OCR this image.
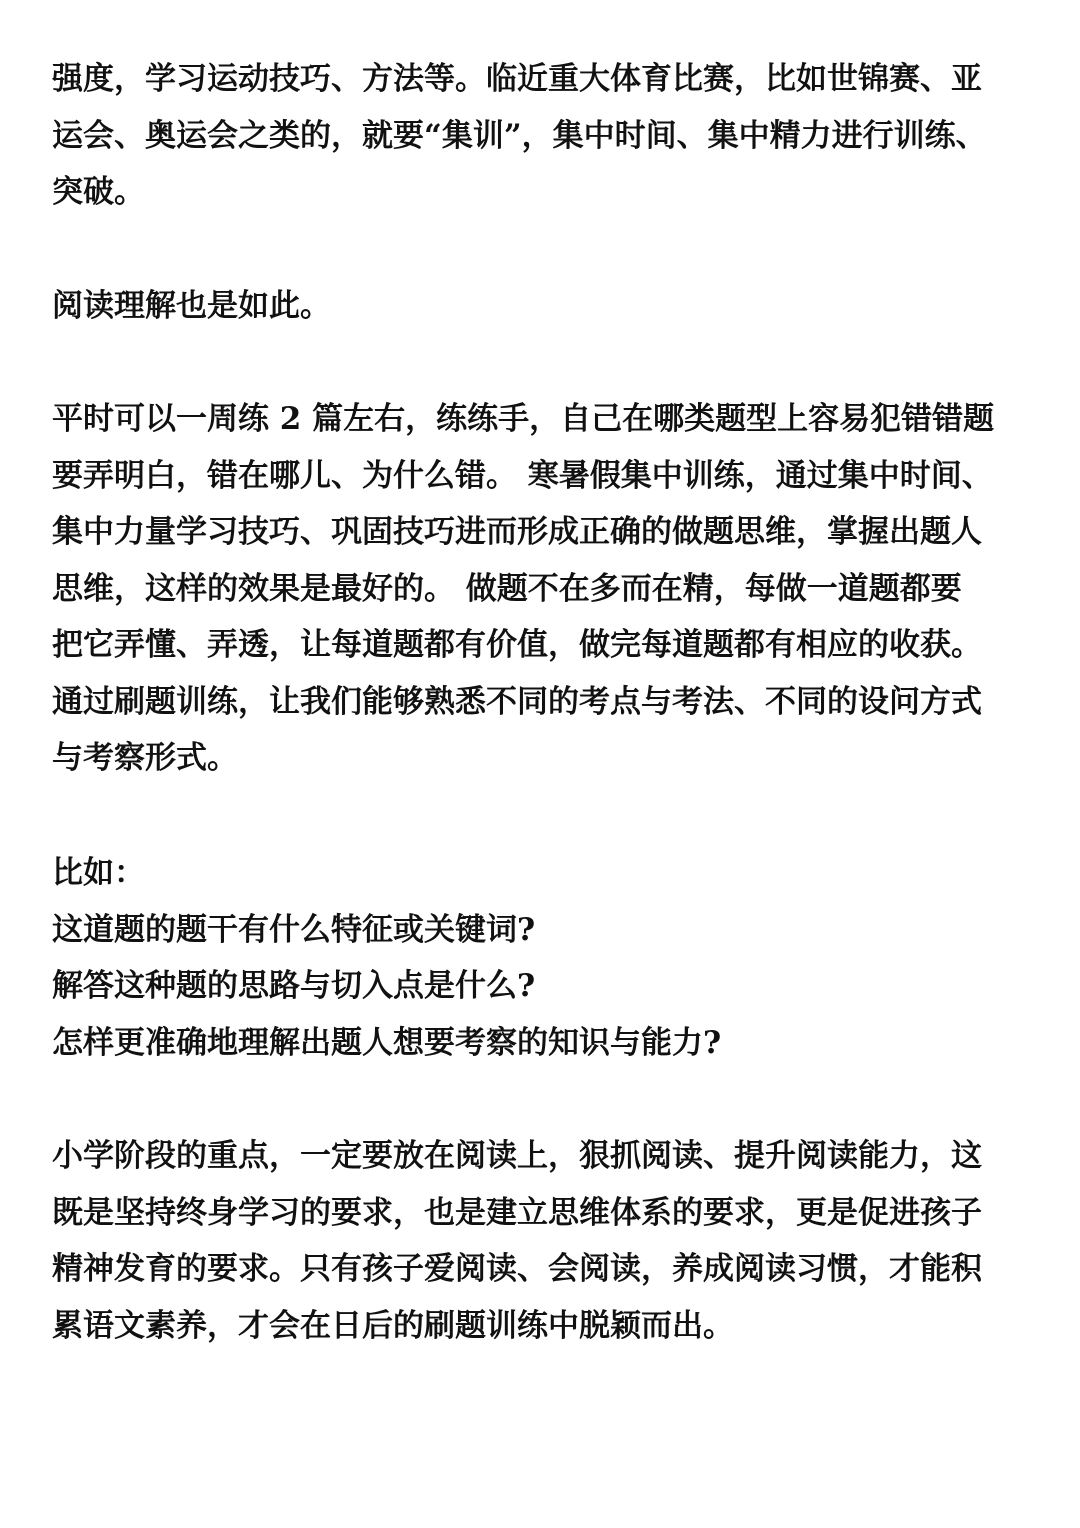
强度，学习运动技巧、方法等。临近重大体育比赛，比如世锦赛、亚
运会、奥运会之类的，就要“集训”，集中时间、集中精力进行训练、
突破。

阅读理解也是如此。

平时可以一周练 2 篇左右，练练手，自己在哪类题型上容易犯错错题
要弄明白，错在哪儿、为什么错。 寒暑假集中训练，通过集中时间、
集中力量学习技巧、巩固技巧进而形成正确的做题思维，掌握出题人
思维，这样的效果是最好的。 做题不在多而在精，每做一道题都要
把它弄懂、弄透，让每道题都有价值，做完每道题都有相应的收获。
通过刷题训练，让我们能够熟悉不同的考点与考法、不同的设问方式
与考察形式。

比如：
这道题的题干有什么特征或关键词?
解答这种题的思路与切入点是什么?
怎样更准确地理解出题人想要考察的知识与能力?

小学阶段的重点，一定要放在阅读上，狠抓阅读、提升阅读能力，这
既是坚持终身学习的要求，也是建立思维体系的要求，更是促进孩子
精神发育的要求。只有孩子爱阅读、会阅读，养成阅读习惯，才能积
累语文素养，才会在日后的刷题训练中脱颖而出。
